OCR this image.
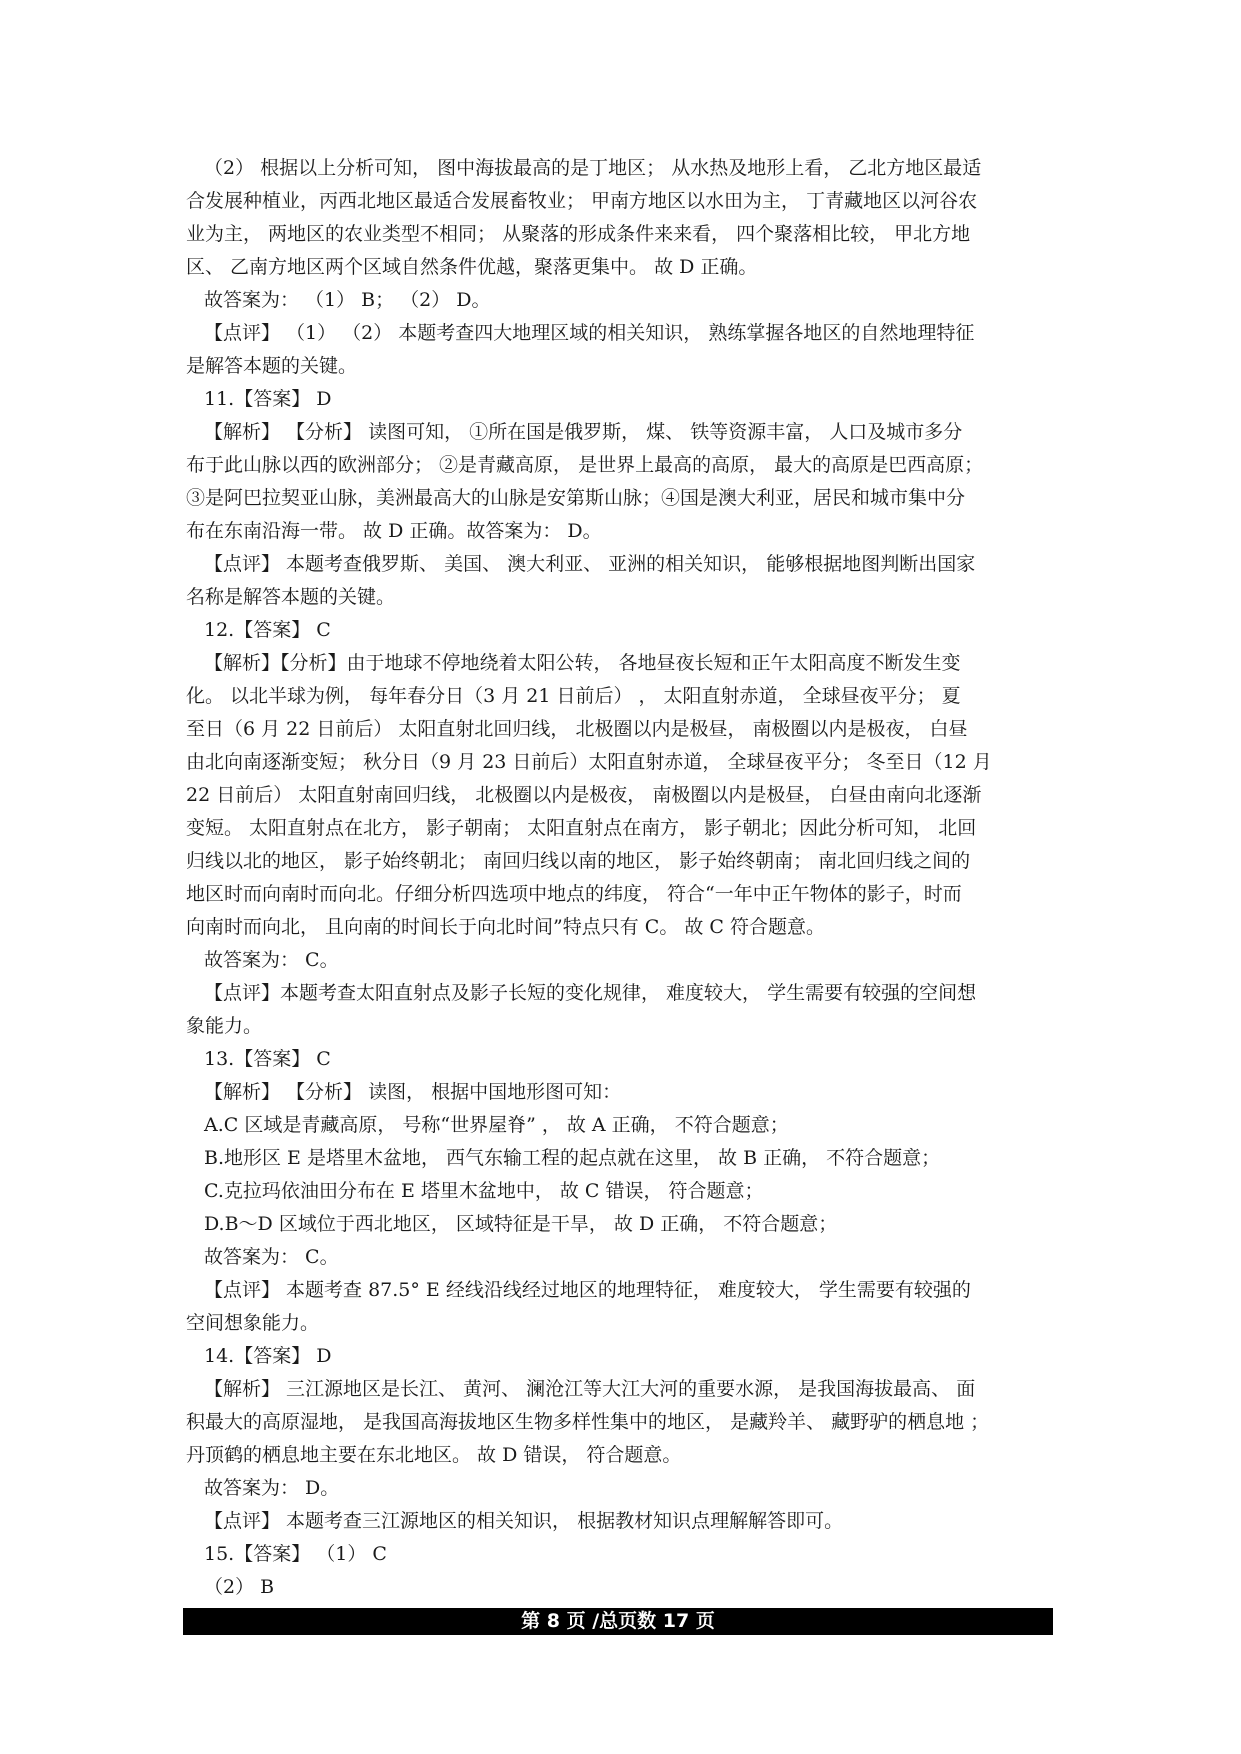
（2） 根据以上分析可知， 图中海拔最高的是丁地区； 从水热及地形上看， 乙北方地区最适
合发展种植业，丙西北地区最适合发展畜牧业； 甲南方地区以水田为主， 丁青藏地区以河谷农
业为主， 两地区的农业类型不相同； 从聚落的形成条件来来看， 四个聚落相比较， 甲北方地
区、 乙南方地区两个区域自然条件优越，聚落更集中。 故 D 正确。
故答案为： （1） B； （2） D。
【点评】 （1） （2） 本题考查四大地理区域的相关知识， 熟练掌握各地区的自然地理特征
是解答本题的关键。
11.【答案】 D
【解析】 【分析】 读图可知， ①所在国是俄罗斯， 煤、 铁等资源丰富， 人口及城市多分
布于此山脉以西的欧洲部分； ②是青藏高原， 是世界上最高的高原， 最大的高原是巴西高原；
③是阿巴拉契亚山脉，美洲最高大的山脉是安第斯山脉；④国是澳大利亚，居民和城市集中分
布在东南沿海一带。 故 D 正确。故答案为： D。
【点评】 本题考查俄罗斯、 美国、 澳大利亚、 亚洲的相关知识， 能够根据地图判断出国家
名称是解答本题的关键。
12.【答案】 C
【解析】【分析】由于地球不停地绕着太阳公转， 各地昼夜长短和正午太阳高度不断发生变
化。 以北半球为例， 每年春分日（3 月 21 日前后） ， 太阳直射赤道， 全球昼夜平分； 夏
至日（6 月 22 日前后） 太阳直射北回归线， 北极圈以内是极昼， 南极圈以内是极夜， 白昼
由北向南逐渐变短； 秋分日（9 月 23 日前后）太阳直射赤道， 全球昼夜平分； 冬至日（12 月
22 日前后） 太阳直射南回归线， 北极圈以内是极夜， 南极圈以内是极昼， 白昼由南向北逐渐
变短。 太阳直射点在北方， 影子朝南； 太阳直射点在南方， 影子朝北；因此分析可知， 北回
归线以北的地区， 影子始终朝北； 南回归线以南的地区， 影子始终朝南； 南北回归线之间的
地区时而向南时而向北。仔细分析四选项中地点的纬度， 符合“一年中正午物体的影子，时而
向南时而向北， 且向南的时间长于向北时间”特点只有 C。 故 C 符合题意。
故答案为： C。
【点评】本题考查太阳直射点及影子长短的变化规律， 难度较大， 学生需要有较强的空间想
象能力。
13.【答案】 C
【解析】 【分析】 读图， 根据中国地形图可知：
A.C 区域是青藏高原， 号称“世界屋脊” ， 故 A 正确， 不符合题意；
B.地形区 E 是塔里木盆地， 西气东输工程的起点就在这里， 故 B 正确， 不符合题意；
C.克拉玛依油田分布在 E 塔里木盆地中， 故 C 错误， 符合题意；
D.B～D 区域位于西北地区， 区域特征是干旱， 故 D 正确， 不符合题意；
故答案为： C。
【点评】 本题考查 87.5° E 经线沿线经过地区的地理特征， 难度较大， 学生需要有较强的
空间想象能力。
14.【答案】 D
【解析】 三江源地区是长江、 黄河、 澜沧江等大江大河的重要水源， 是我国海拔最高、 面
积最大的高原湿地， 是我国高海拔地区生物多样性集中的地区， 是藏羚羊、 藏野驴的栖息地 ；
丹顶鹤的栖息地主要在东北地区。 故 D 错误， 符合题意。
故答案为： D。
【点评】 本题考查三江源地区的相关知识， 根据教材知识点理解解答即可。
15.【答案】 （1） C
（2） B
第 8 页 /总页数 17 页
